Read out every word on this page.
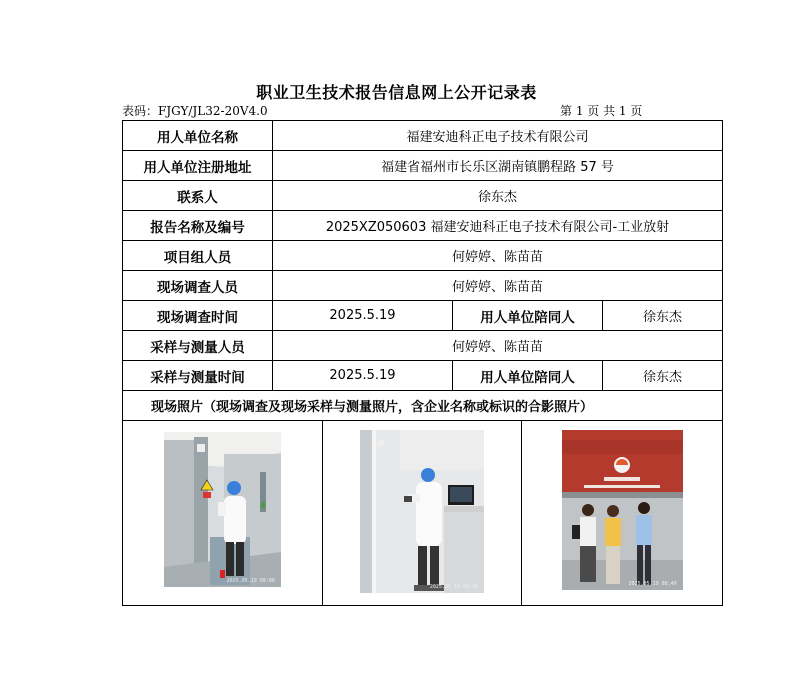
职业卫生技术报告信息网上公开记录表
表码：FJGY/JL32-20V4.0	第 1 页 共 1 页
用人单位名称	福建安迪科正电子技术有限公司		
用人单位注册地址	福建省福州市长乐区湖南镇鹏程路 57 号		
联系人	徐东杰		
报告名称及编号	2025XZ050603 福建安迪科正电子技术有限公司-工业放射		
项目组人员	何婷婷、陈苗苗		
现场调查人员	何婷婷、陈苗苗		
现场调查时间	2025.5.19	用人单位陪同人	徐东杰
采样与测量人员	何婷婷、陈苗苗		
采样与测量时间	2025.5.19	用人单位陪同人	徐东杰
现场照片（现场调查及现场采样与测量照片，含企业名称或标识的合影照片）			

2025.05.19 09:00
2025.05.19 09:30 2025.05.19 08:40			
